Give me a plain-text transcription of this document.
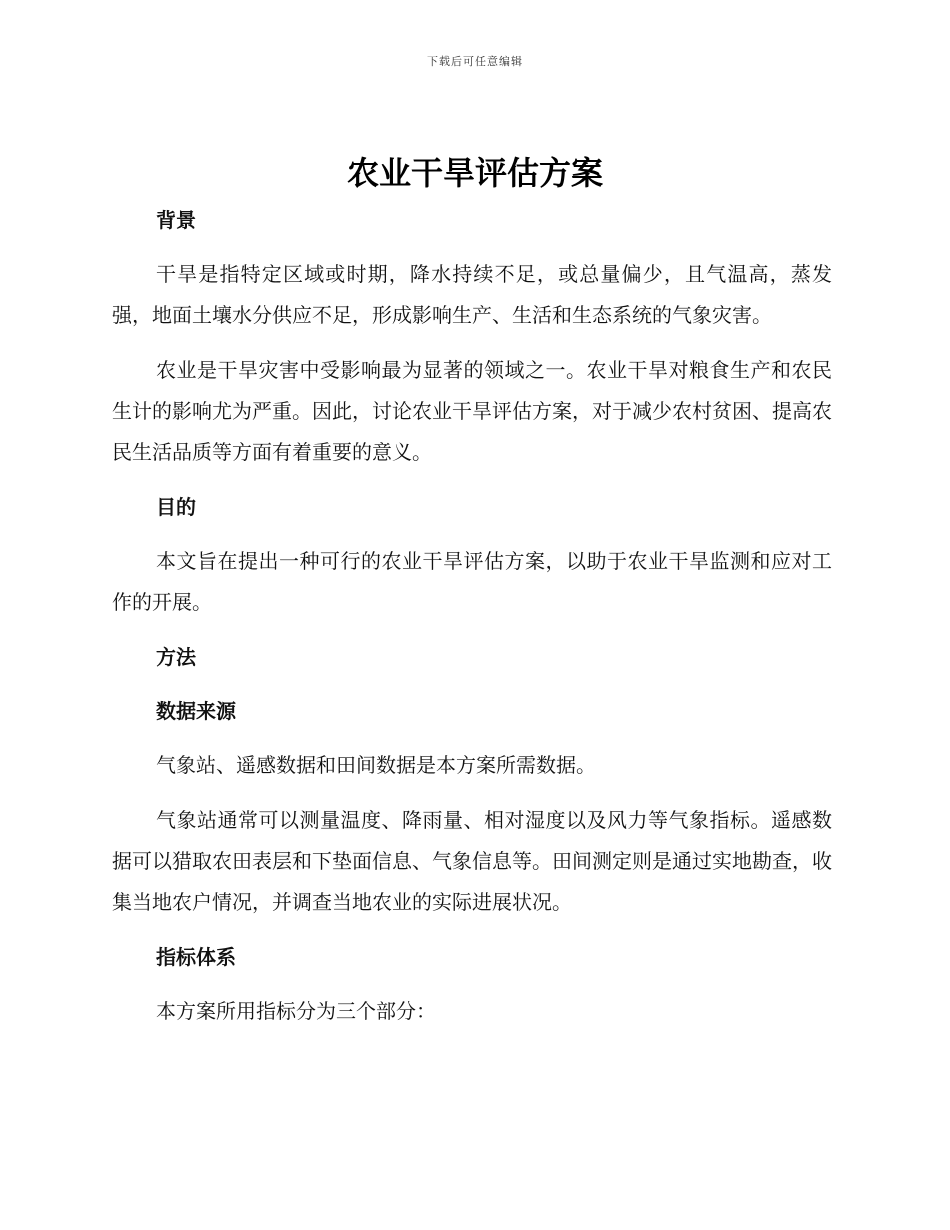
下载后可任意编辑
农业干旱评估方案
背景

干旱是指特定区域或时期，降水持续不足，或总量偏少，且气温高，蒸发强，地面土壤水分供应不足，形成影响生产、生活和生态系统的气象灾害。

农业是干旱灾害中受影响最为显著的领域之一。农业干旱对粮食生产和农民生计的影响尤为严重。因此，讨论农业干旱评估方案，对于减少农村贫困、提高农民生活品质等方面有着重要的意义。

目的

本文旨在提出一种可行的农业干旱评估方案，以助于农业干旱监测和应对工作的开展。

方法
数据来源

气象站、遥感数据和田间数据是本方案所需数据。

气象站通常可以测量温度、降雨量、相对湿度以及风力等气象指标。遥感数据可以猎取农田表层和下垫面信息、气象信息等。田间测定则是通过实地勘查，收集当地农户情况，并调查当地农业的实际进展状况。

指标体系

本方案所用指标分为三个部分：
